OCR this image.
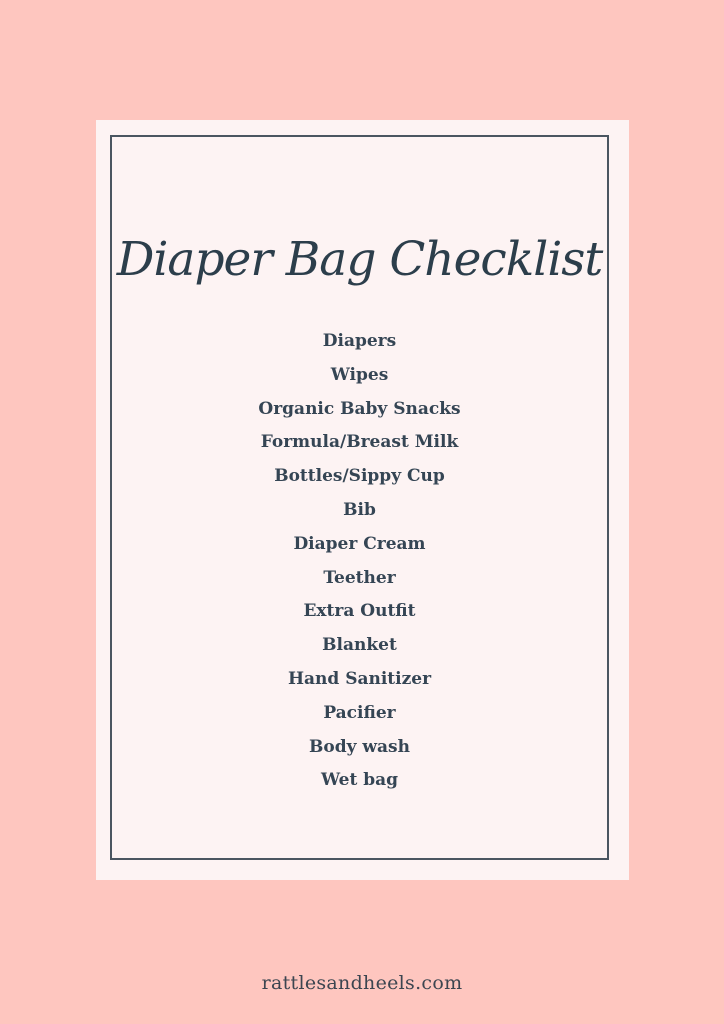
Diaper Bag Checklist
Diapers
Wipes
Organic Baby Snacks
Formula/Breast Milk
Bottles/Sippy Cup
Bib
Diaper Cream
Teether
Extra Outfit
Blanket
Hand Sanitizer
Pacifier
Body wash
Wet bag
rattlesandheels.com
